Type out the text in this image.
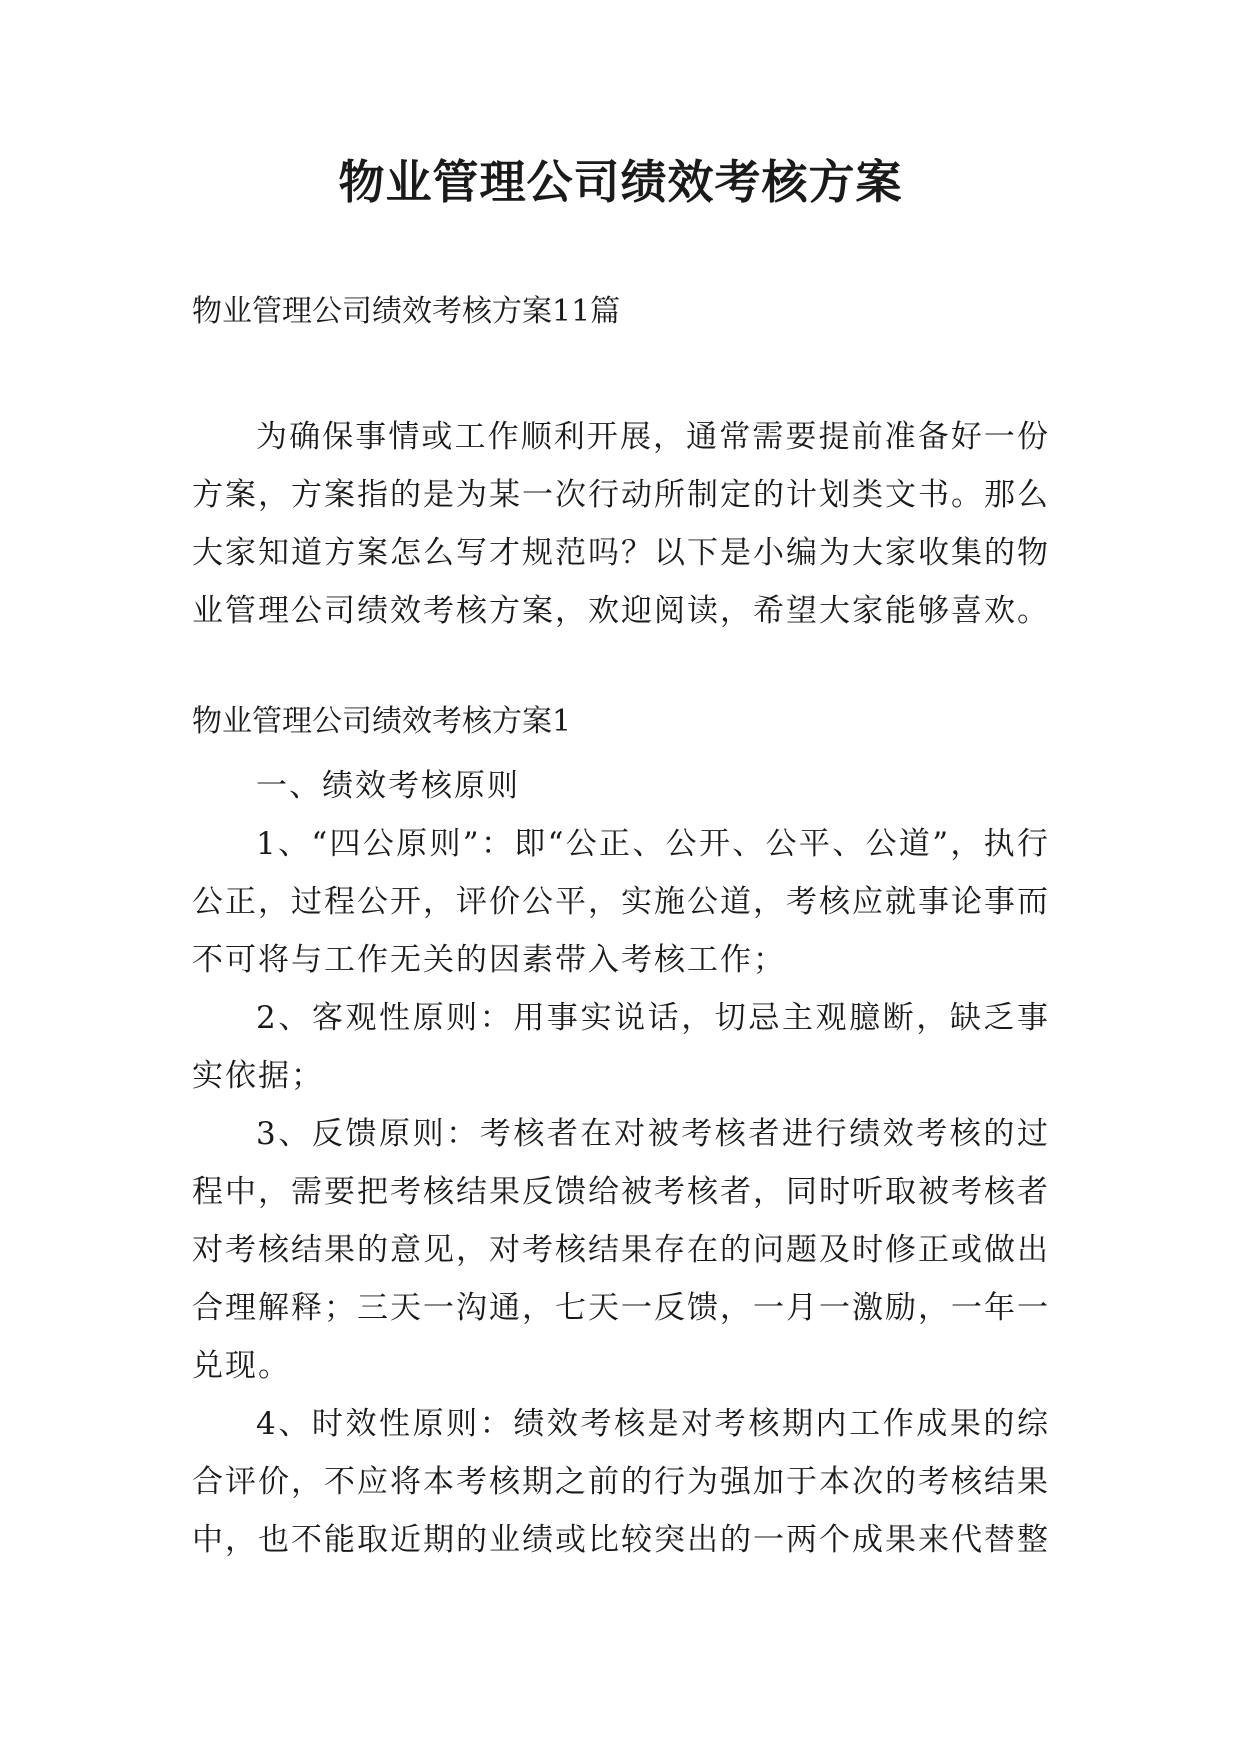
物业管理公司绩效考核方案

物业管理公司绩效考核方案11篇

为确保事情或工作顺利开展，通常需要提前准备好一份方案，方案指的是为某一次行动所制定的计划类文书。那么大家知道方案怎么写才规范吗？以下是小编为大家收集的物业管理公司绩效考核方案，欢迎阅读，希望大家能够喜欢。

物业管理公司绩效考核方案1

一、绩效考核原则

1、“四公原则”：即“公正、公开、公平、公道”，执行公正，过程公开，评价公平，实施公道，考核应就事论事而不可将与工作无关的因素带入考核工作；

2、客观性原则：用事实说话，切忌主观臆断，缺乏事实依据；

3、反馈原则：考核者在对被考核者进行绩效考核的过程中，需要把考核结果反馈给被考核者，同时听取被考核者对考核结果的意见，对考核结果存在的问题及时修正或做出合理解释；三天一沟通，七天一反馈，一月一激励，一年一兑现。

4、时效性原则：绩效考核是对考核期内工作成果的综合评价，不应将本考核期之前的行为强加于本次的考核结果中，也不能取近期的业绩或比较突出的一两个成果来代替整
